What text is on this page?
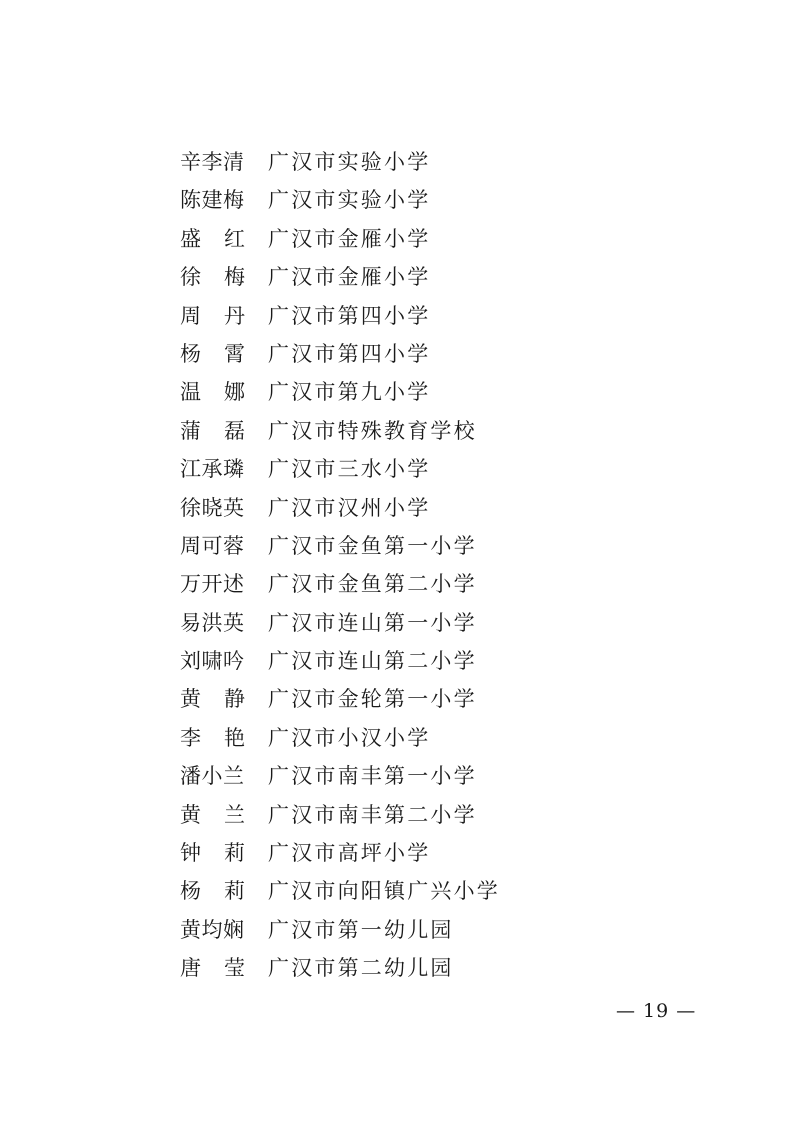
辛李清	广汉市实验小学
陈建梅	广汉市实验小学
盛 红	广汉市金雁小学
徐 梅	广汉市金雁小学
周 丹	广汉市第四小学
杨 霄	广汉市第四小学
温 娜	广汉市第九小学
蒲 磊	广汉市特殊教育学校
江承璘	广汉市三水小学
徐晓英	广汉市汉州小学
周可蓉	广汉市金鱼第一小学
万开述	广汉市金鱼第二小学
易洪英	广汉市连山第一小学
刘啸吟	广汉市连山第二小学
黄 静	广汉市金轮第一小学
李 艳	广汉市小汉小学
潘小兰	广汉市南丰第一小学
黄 兰	广汉市南丰第二小学
钟 莉	广汉市高坪小学
杨 莉	广汉市向阳镇广兴小学
黄均娴	广汉市第一幼儿园
唐 莹	广汉市第二幼儿园
— 19 —
